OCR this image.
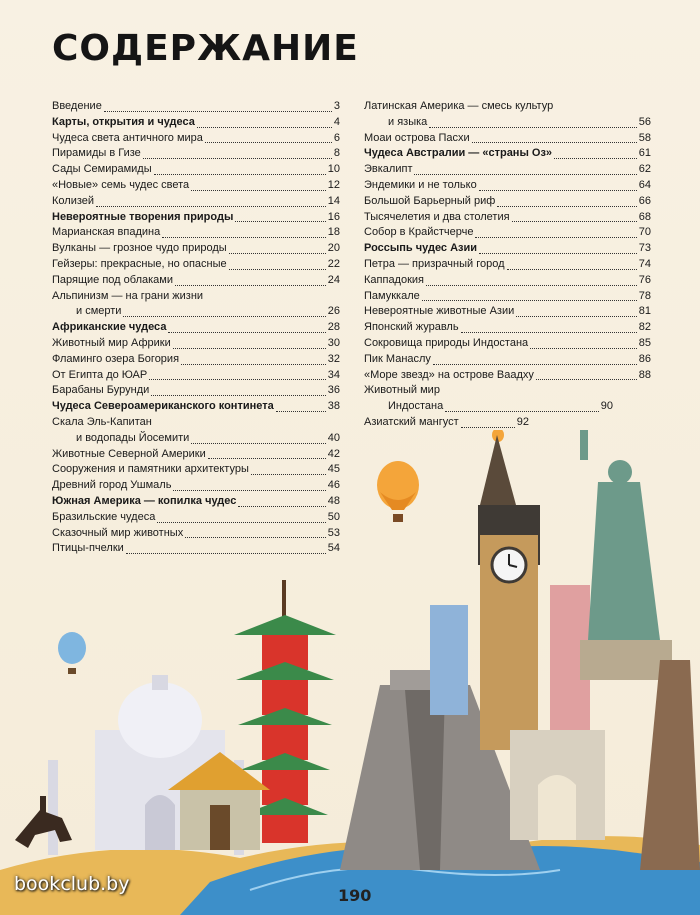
СОДЕРЖАНИЕ
Введение	3
Карты, открытия и чудеса	4
Чудеса света античного мира	6
Пирамиды в Гизе	8
Сады Семирамиды	10
«Новые» семь чудес света	12
Колизей	14
Невероятные творения природы	16
Марианская впадина	18
Вулканы — грозное чудо природы	20
Гейзеры: прекрасные, но опасные	22
Парящие под облаками	24
Альпинизм — на грани жизни
и смерти	26
Африканские чудеса	28
Животный мир Африки	30
Фламинго озера Богория	32
От Египта до ЮАР	34
Барабаны Бурунди	36
Чудеса Североамериканского континета	38
Скала Эль-Капитан
и водопады Йосемити	40
Животные Северной Америки	42
Сооружения и памятники архитектуры	45
Древний город Ушмаль	46
Южная Америка — копилка чудес	48
Бразильские чудеса	50
Сказочный мир животных	53
Птицы-пчелки	54
Латинская Америка — смесь культур
и языка	56
Моаи острова Пасхи	58
Чудеса Австралии — «страны Оз»	61
Эвкалипт	62
Эндемики и не только	64
Большой Барьерный риф	66
Тысячелетия и два столетия	68
Собор в Крайстчерче	70
Россыпь чудес Азии	73
Петра — призрачный город	74
Каппадокия	76
Памуккале	78
Невероятные животные Азии	81
Японский журавль	82
Сокровища природы Индостана	85
Пик Манаслу	86
«Море звезд» на острове Ваадху	88
Животный мир
Индостана	90
Азиатский мангуст	92
bookclub.by
190
